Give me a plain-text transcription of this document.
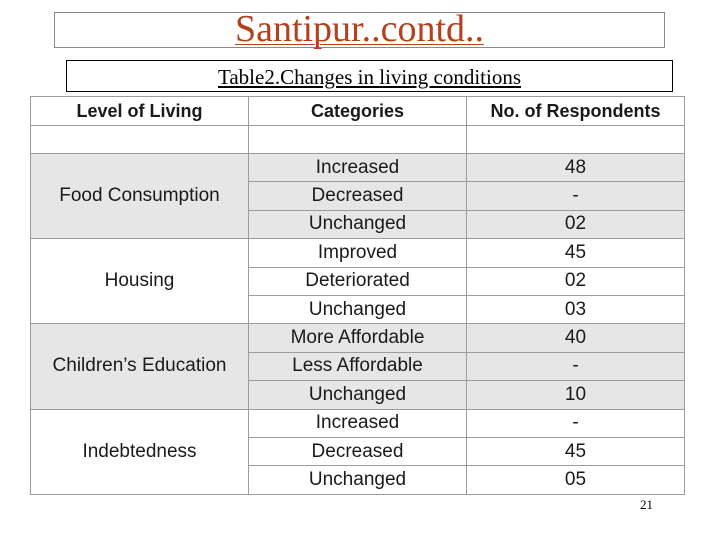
Santipur..contd..
Table2.Changes in living conditions
Level of Living	Categories	No. of Respondents

Food Consumption	Increased	48
	Decreased	-
	Unchanged	02
Housing	Improved	45
	Deteriorated	02
	Unchanged	03
Children’s Education	More Affordable	40
	Less Affordable	-
	Unchanged	10
Indebtedness	Increased	-
	Decreased	45
	Unchanged	05
21
